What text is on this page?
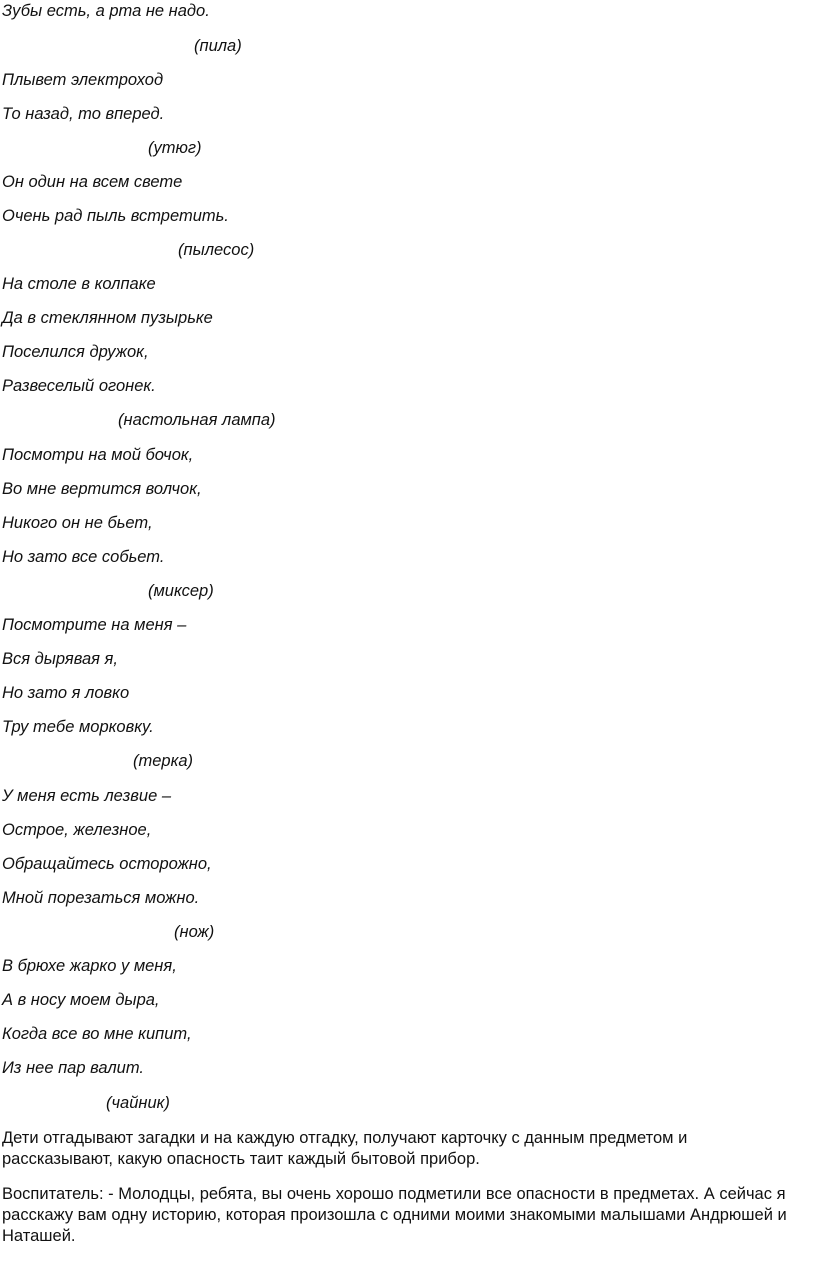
Зубы есть, а рта не надо.

(пила)

Плывет электроход

То назад, то вперед.

(утюг)

Он один на всем свете

Очень рад пыль встретить.

(пылесос)

На столе в колпаке

Да в стеклянном пузырьке

Поселился дружок,

Развеселый огонек.

(настольная лампа)

Посмотри на мой бочок,

Во мне вертится волчок,

Никого он не бьет,

Но зато все собьет.

(миксер)

Посмотрите на меня –

Вся дырявая я,

Но зато я ловко

Тру тебе морковку.

(терка)

У меня есть лезвие –

Острое, железное,

Обращайтесь осторожно,

Мной порезаться можно.

(нож)

В брюхе жарко у меня,

А в носу моем дыра,

Когда все во мне кипит,

Из нее пар валит.

(чайник)

Дети отгадывают загадки и на каждую отгадку, получают карточку с данным предметом и рассказывают, какую опасность таит каждый бытовой прибор.

Воспитатель: - Молодцы, ребята, вы очень хорошо подметили все опасности в предметах. А сейчас я расскажу вам одну историю, которая произошла с одними моими знакомыми малышами Андрюшей и Наташей.
